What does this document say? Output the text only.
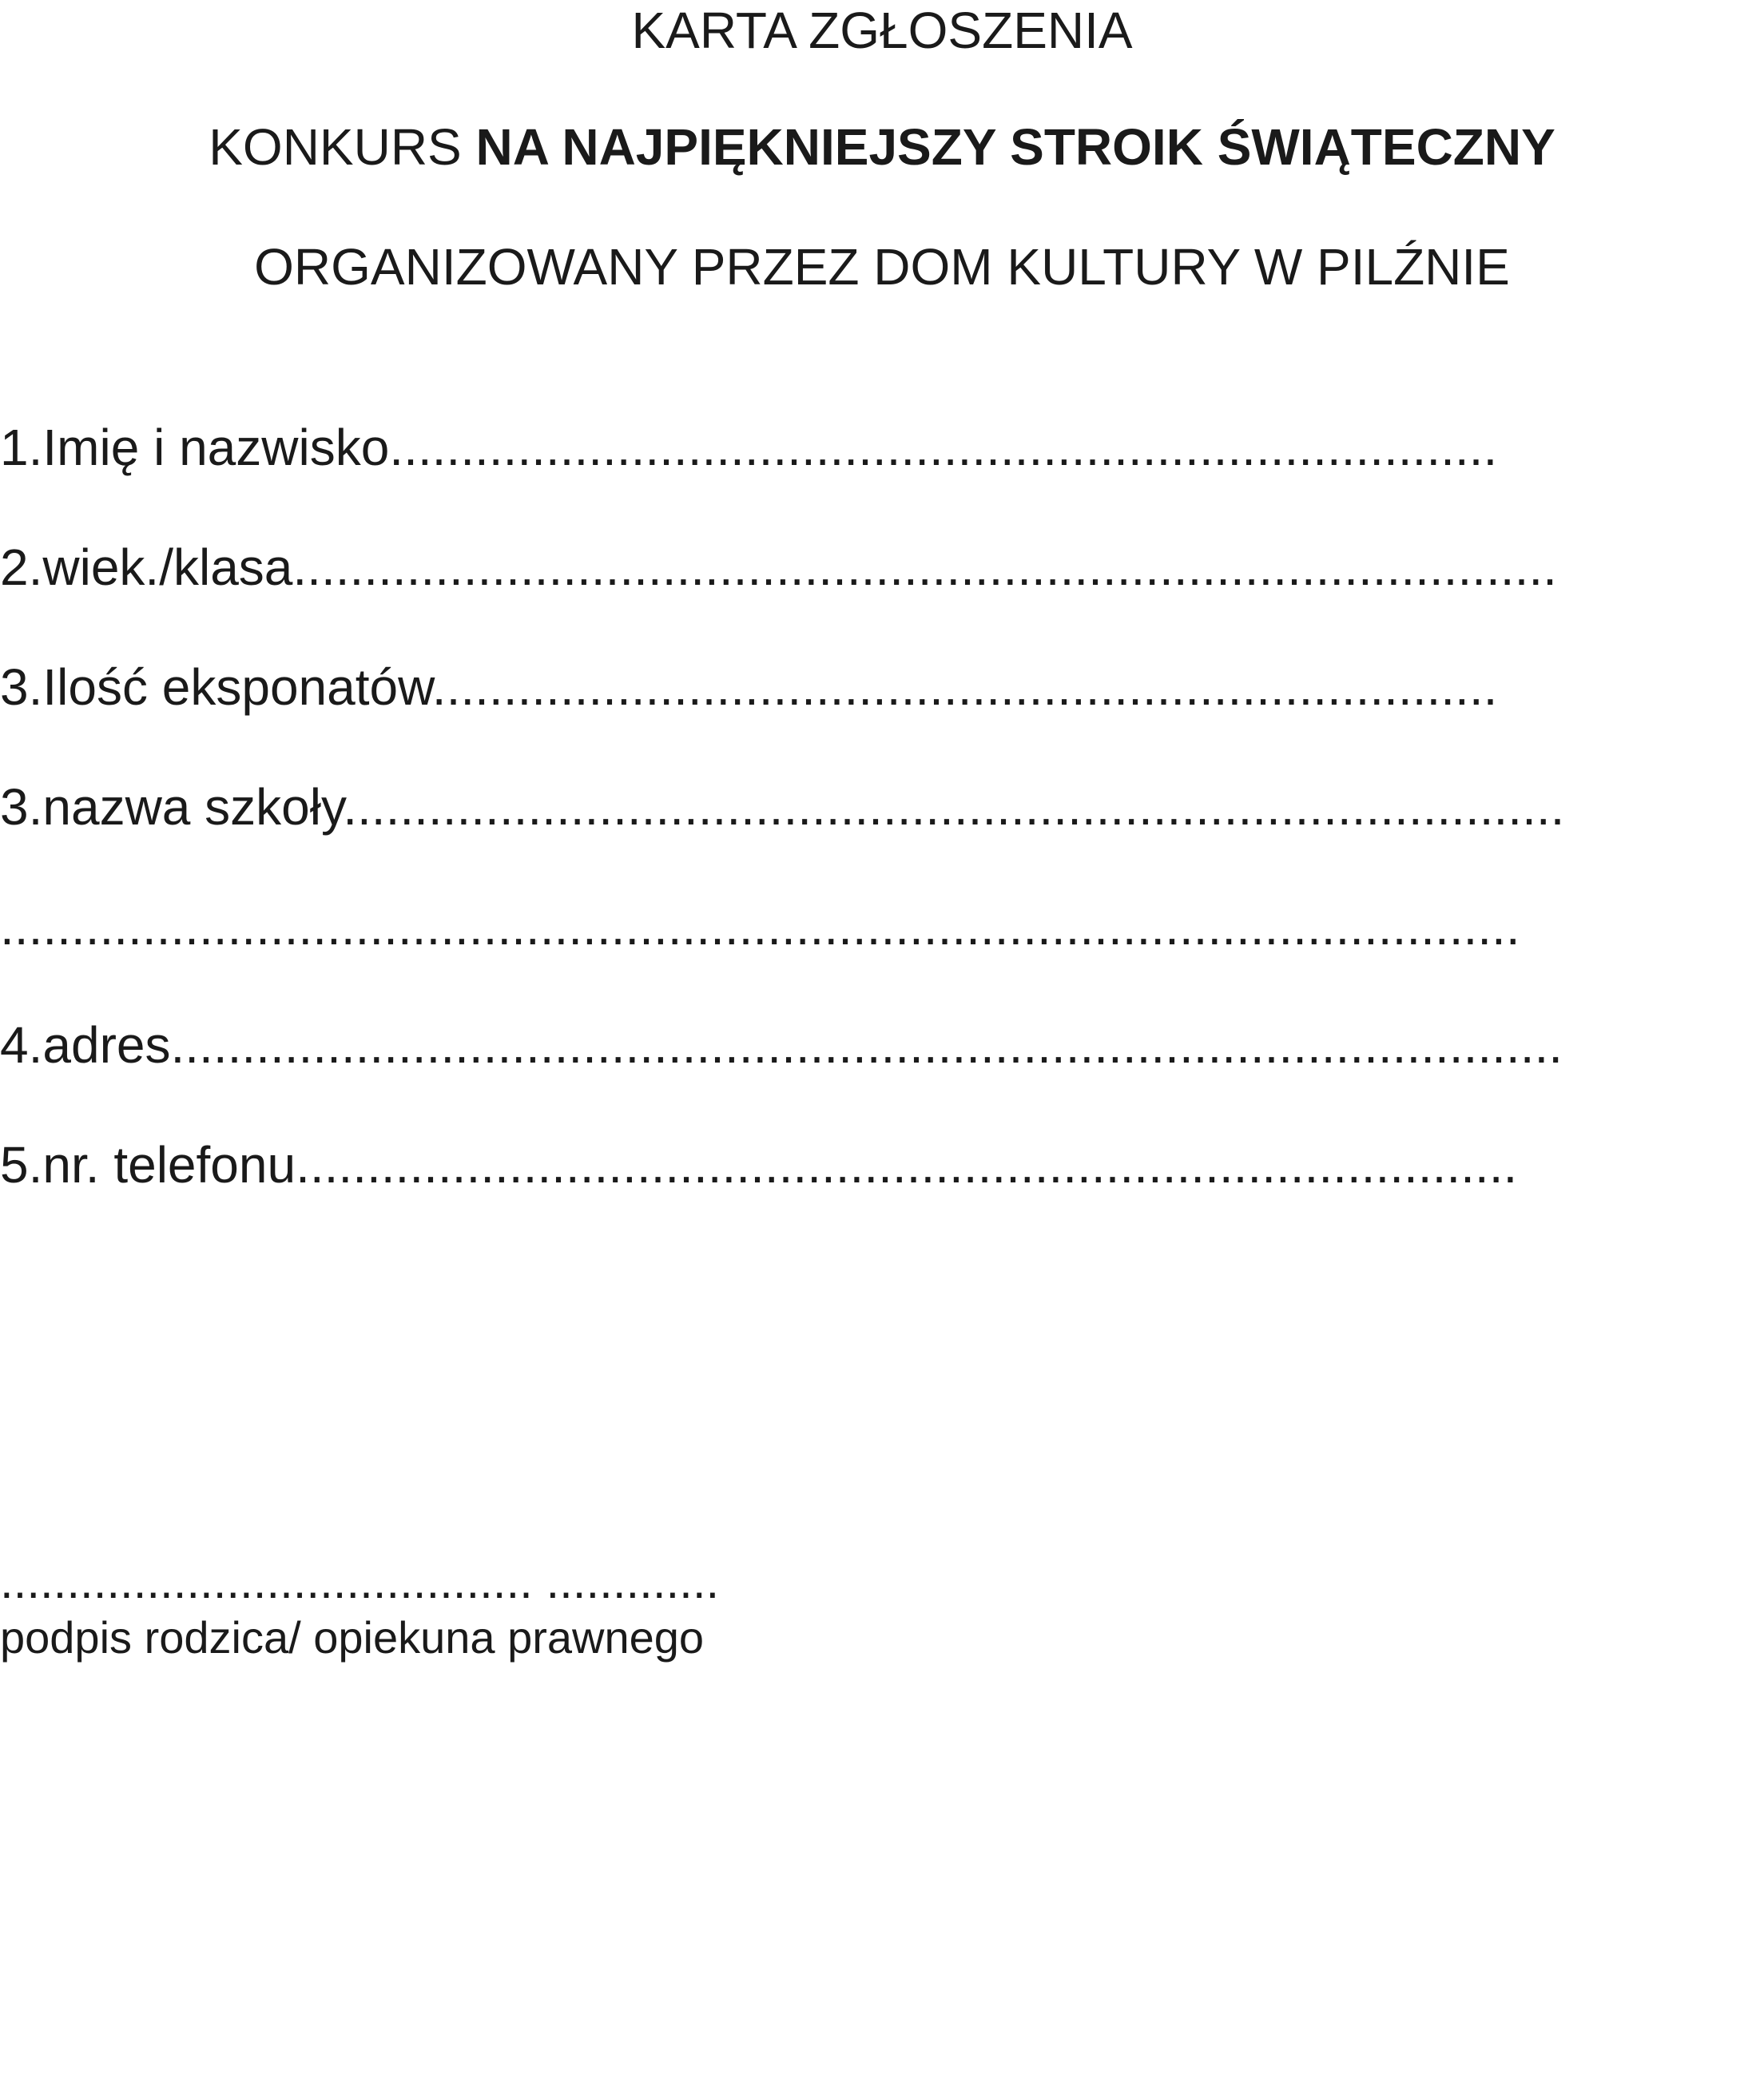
KARTA ZGŁOSZENIA
KONKURS NA NAJPIĘKNIEJSZY STROIK ŚWIĄTECZNY
ORGANIZOWANY PRZEZ DOM KULTURY W PILŹNIE
1.Imię i nazwisko..............................................................................
2.wiek./klasa.........................................................................................
3.Ilość eksponatów...........................................................................
3.nazwa szkoły......................................................................................
...........................................................................................................
4.adres..................................................................................................
5.nr. telefonu......................................................................................
........................................ .............
podpis rodzica/ opiekuna prawnego
